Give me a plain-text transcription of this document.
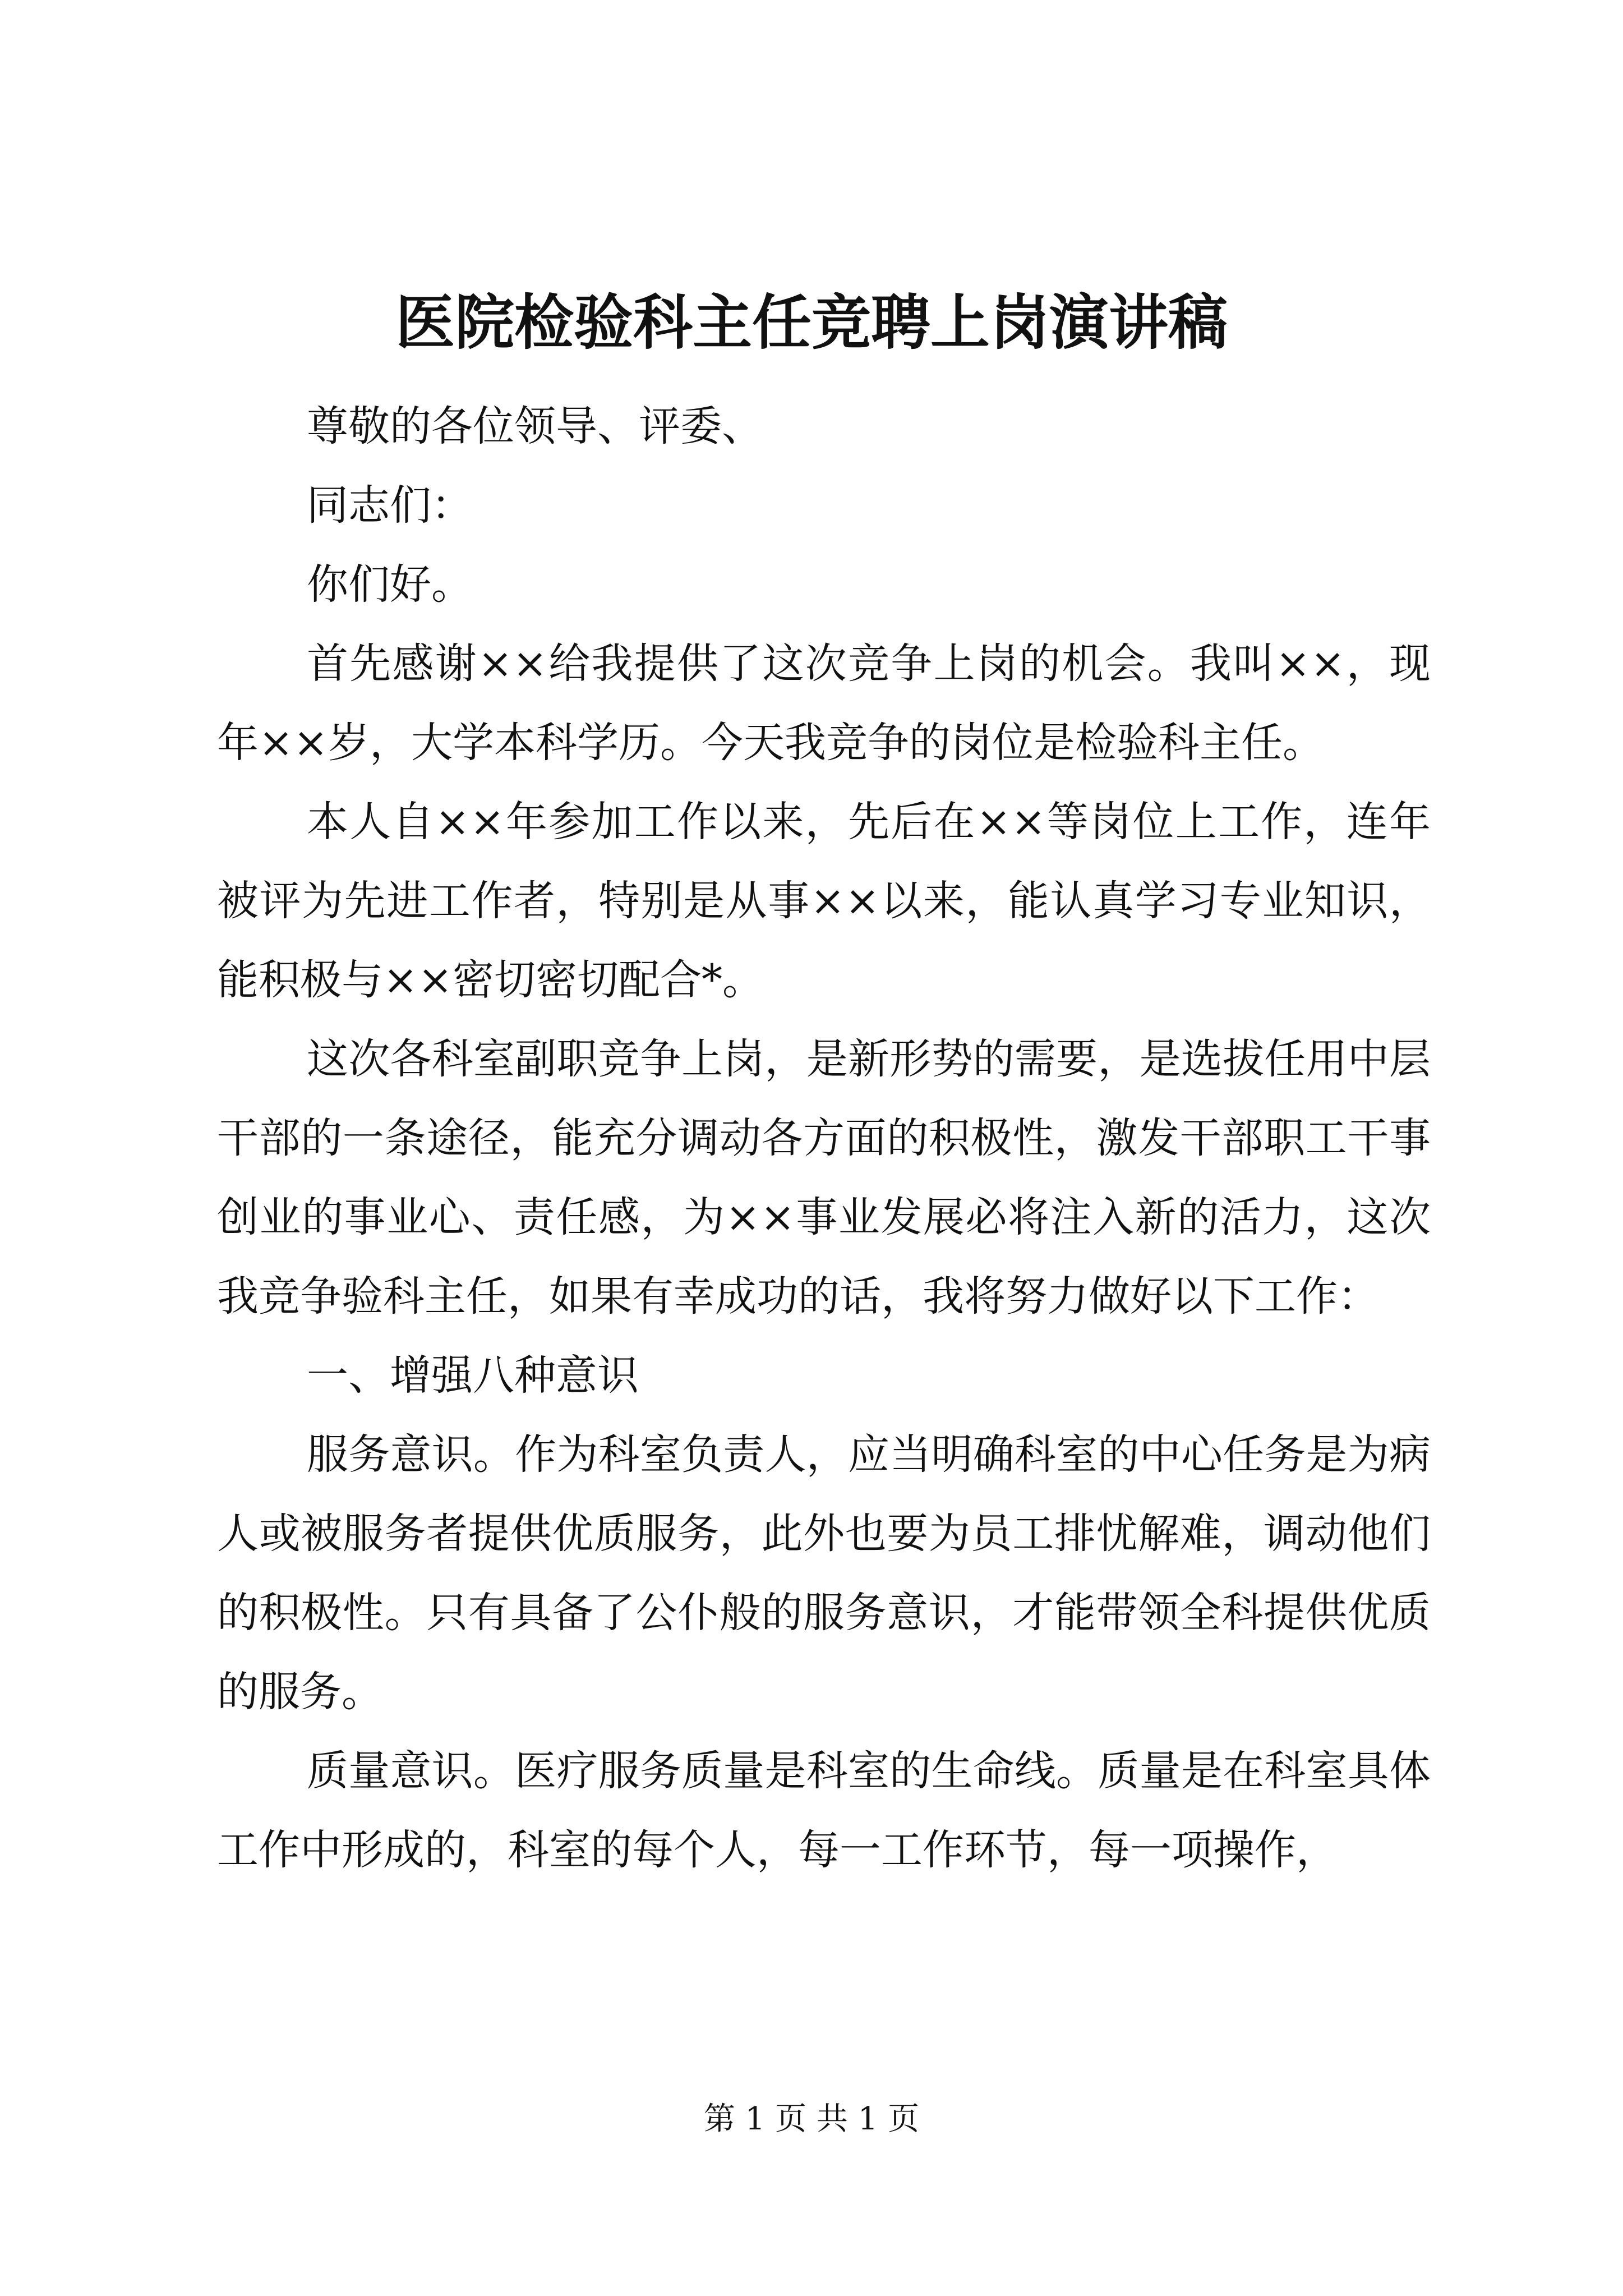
医院检验科主任竞聘上岗演讲稿

尊敬的各位领导、评委、

同志们：

你们好。

首先感谢××给我提供了这次竞争上岗的机会。我叫××，现年××岁，大学本科学历。今天我竞争的岗位是检验科主任。

本人自××年参加工作以来，先后在××等岗位上工作，连年被评为先进工作者，特别是从事××以来，能认真学习专业知识，能积极与××密切密切配合*。

这次各科室副职竞争上岗，是新形势的需要，是选拔任用中层干部的一条途径，能充分调动各方面的积极性，激发干部职工干事创业的事业心、责任感，为××事业发展必将注入新的活力，这次我竞争验科主任，如果有幸成功的话，我将努力做好以下工作：

一、增强八种意识

服务意识。作为科室负责人，应当明确科室的中心任务是为病人或被服务者提供优质服务，此外也要为员工排忧解难，调动他们的积极性。只有具备了公仆般的服务意识，才能带领全科提供优质的服务。

质量意识。医疗服务质量是科室的生命线。质量是在科室具体工作中形成的，科室的每个人，每一工作环节，每一项操作，

第 1 页 共 1 页
